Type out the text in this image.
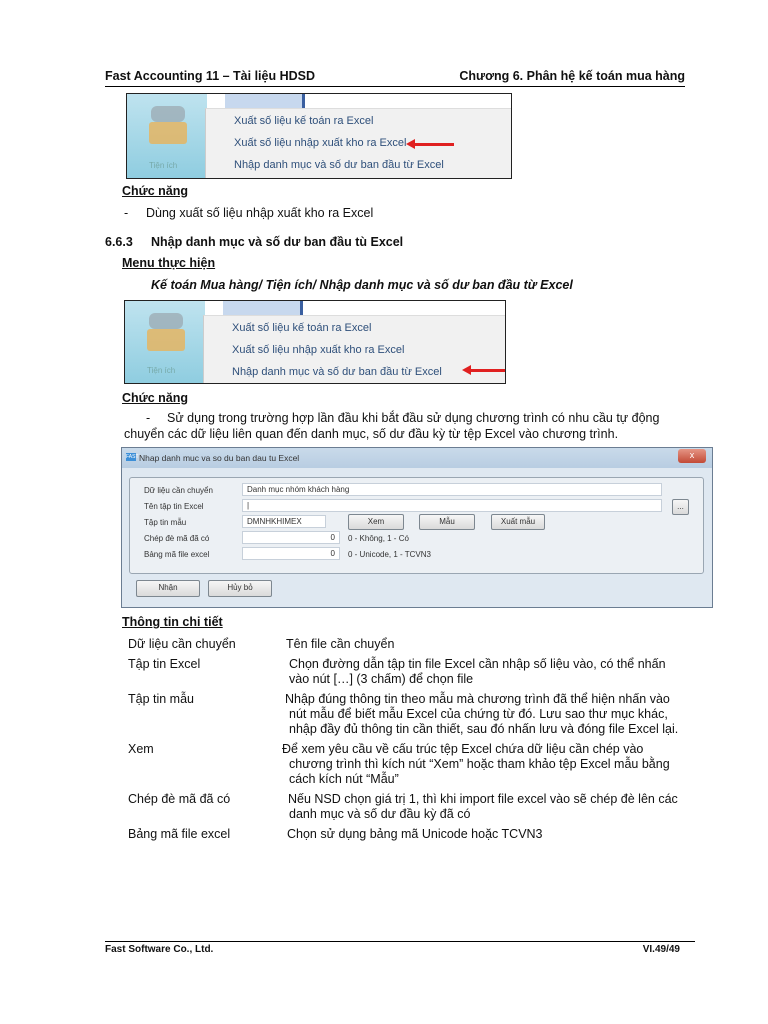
Fast Accounting 11 – Tài liệu HDSD	Chương 6. Phân hệ kế toán mua hàng
Tiện ích
Xuất số liệu kế toán ra Excel
Xuất số liệu nhập xuất kho ra Excel
Nhập danh mục và số dư ban đầu từ Excel
Chức năng
- Dùng xuất số liệu nhập xuất kho ra Excel
6.6.3 Nhập danh mục và số dư ban đầu tù Excel
Menu thực hiện
Kế toán Mua hàng/ Tiện ích/ Nhập danh mục và số dư ban đầu từ Excel
Tiện ích
Xuất số liệu kế toán ra Excel
Xuất số liệu nhập xuất kho ra Excel
Nhập danh mục và số dư ban đầu từ Excel
Chức năng
- Sử dụng trong trường hợp lần đầu khi bắt đầu sử dụng chương trình có nhu cầu tự động
chuyển các dữ liệu liên quan đến danh mục, số dư đầu kỳ từ tệp Excel vào chương trình.
FAST Nhap danh muc va so du ban dau tu Excel	x
Dữ liệu cần chuyển	Danh mục nhóm khách hàng
Tên tập tin Excel	|	...
Tập tin mẫu	DMNHKHIMEX	Xem	Mẫu	Xuất mẫu
Chép đè mã đã có	0	0 - Không, 1 - Có
Bảng mã file excel	0	0 - Unicode, 1 - TCVN3
Nhận	Hủy bỏ
Thông tin chi tiết
Dữ liệu cần chuyển	Tên file cần chuyển
Tập tin Excel	Chọn đường dẫn tập tin file Excel cần nhập số liệu vào, có thể nhấn
vào nút […] (3 chấm) để chọn file
Tập tin mẫu	Nhập đúng thông tin theo mẫu mà chương trình đã thể hiện nhấn vào
nút mẫu để biết mẫu Excel của chứng từ đó. Lưu sao thư mục khác,
nhập đầy đủ thông tin cần thiết, sau đó nhấn lưu và đóng file Excel lại.
Xem	Để xem yêu cầu về cấu trúc tệp Excel chứa dữ liệu cần chép vào
chương trình thì kích nút “Xem” hoặc tham khảo tệp Excel mẫu bằng
cách kích nút “Mẫu”
Chép đè mã đã có	Nếu NSD chọn giá trị 1, thì khi import file excel vào sẽ chép đè lên các
danh mục và số dư đầu kỳ đã có
Bảng mã file excel	Chọn sử dụng bảng mã Unicode hoặc TCVN3
Fast Software Co., Ltd.	VI.49/49
